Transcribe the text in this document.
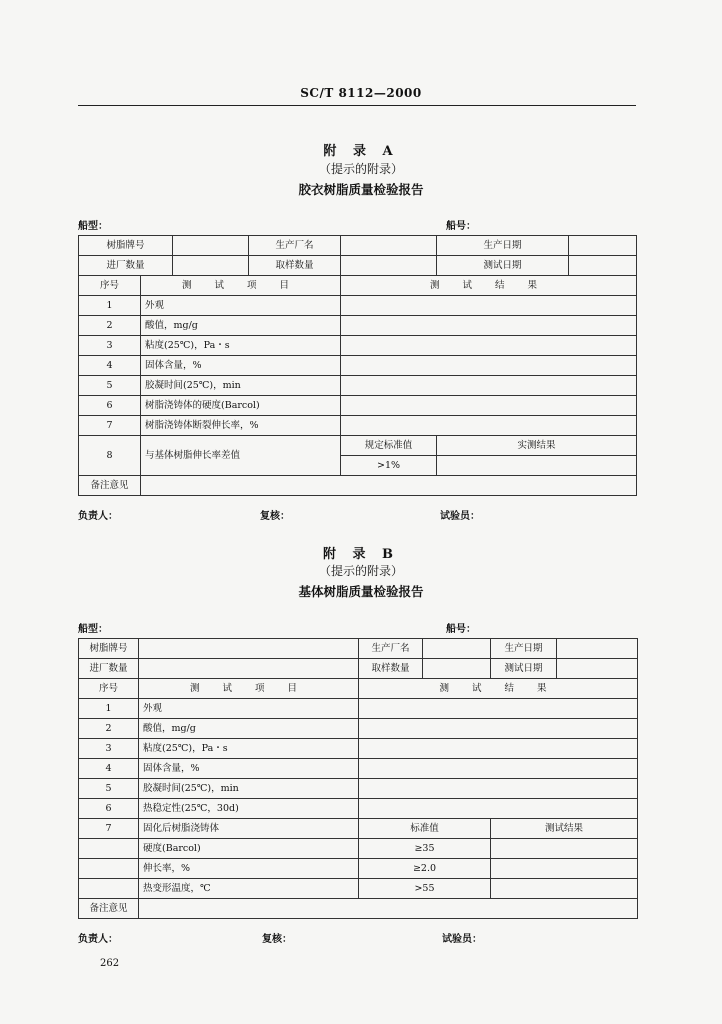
SC/T 8112—2000
附 录 A
（提示的附录）
胶衣树脂质量检验报告
船型：	船号：
树脂牌号			生产厂名		生产日期	
进厂数量			取样数量		测试日期	
序号	测 试 项 目			测 试 结 果		
1	外观					
2	酸值，mg/g					
3	粘度(25℃)，Pa・s					
4	固体含量，%					
5	胶凝时间(25℃)，min					
6	树脂浇铸体的硬度(Barcol)					
7	树脂浇铸体断裂伸长率，%					
8	与基体树脂伸长率差值			规定标准值	实测结果	
				>1%		
备注意见						
负责人：	复核：	试验员：
附 录 B
（提示的附录）
基体树脂质量检验报告
船型：	船号：
树脂牌号		生产厂名		生产日期	
进厂数量		取样数量		测试日期	
序号	测 试 项 目	测 试 结 果			
1	外观				
2	酸值，mg/g				
3	粘度(25℃)，Pa・s				
4	固体含量，%				
5	胶凝时间(25℃)，min				
6	热稳定性(25℃，30d)				
7	固化后树脂浇铸体	标准值		测试结果	
	硬度(Barcol)	≥35			
	伸长率，%	≥2.0			
	热变形温度，℃	>55			
备注意见					
负责人：	复核：	试验员：
262
